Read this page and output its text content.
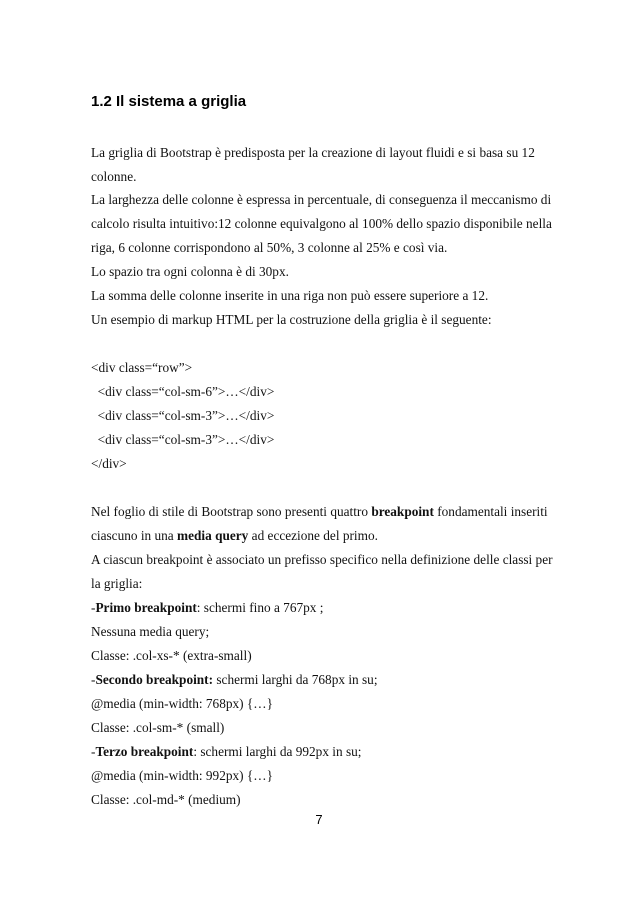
1.2 Il sistema a griglia
La griglia di Bootstrap è predisposta per la creazione di layout fluidi e si basa su 12
colonne.
La larghezza delle colonne è espressa in percentuale, di conseguenza il meccanismo di
calcolo risulta intuitivo:12 colonne equivalgono al 100% dello spazio disponibile nella
riga, 6 colonne corrispondono al 50%, 3 colonne al 25% e così via.
Lo spazio tra ogni colonna è di 30px.
La somma delle colonne inserite in una riga non può essere superiore a 12.
Un esempio di markup HTML per la costruzione della griglia è il seguente:
<div class=“row”>
<div class=“col-sm-6”>…</div>
<div class=“col-sm-3”>…</div>
<div class=“col-sm-3”>…</div>
</div>
Nel foglio di stile di Bootstrap sono presenti quattro breakpoint fondamentali inseriti
ciascuno in una media query ad eccezione del primo.
A ciascun breakpoint è associato un prefisso specifico nella definizione delle classi per
la griglia:
-Primo breakpoint: schermi fino a 767px ;
Nessuna media query;
Classe: .col-xs-* (extra-small)
-Secondo breakpoint: schermi larghi da 768px in su;
@media (min-width: 768px) {…}
Classe: .col-sm-* (small)
-Terzo breakpoint: schermi larghi da 992px in su;
@media (min-width: 992px) {…}
Classe: .col-md-* (medium)
7
